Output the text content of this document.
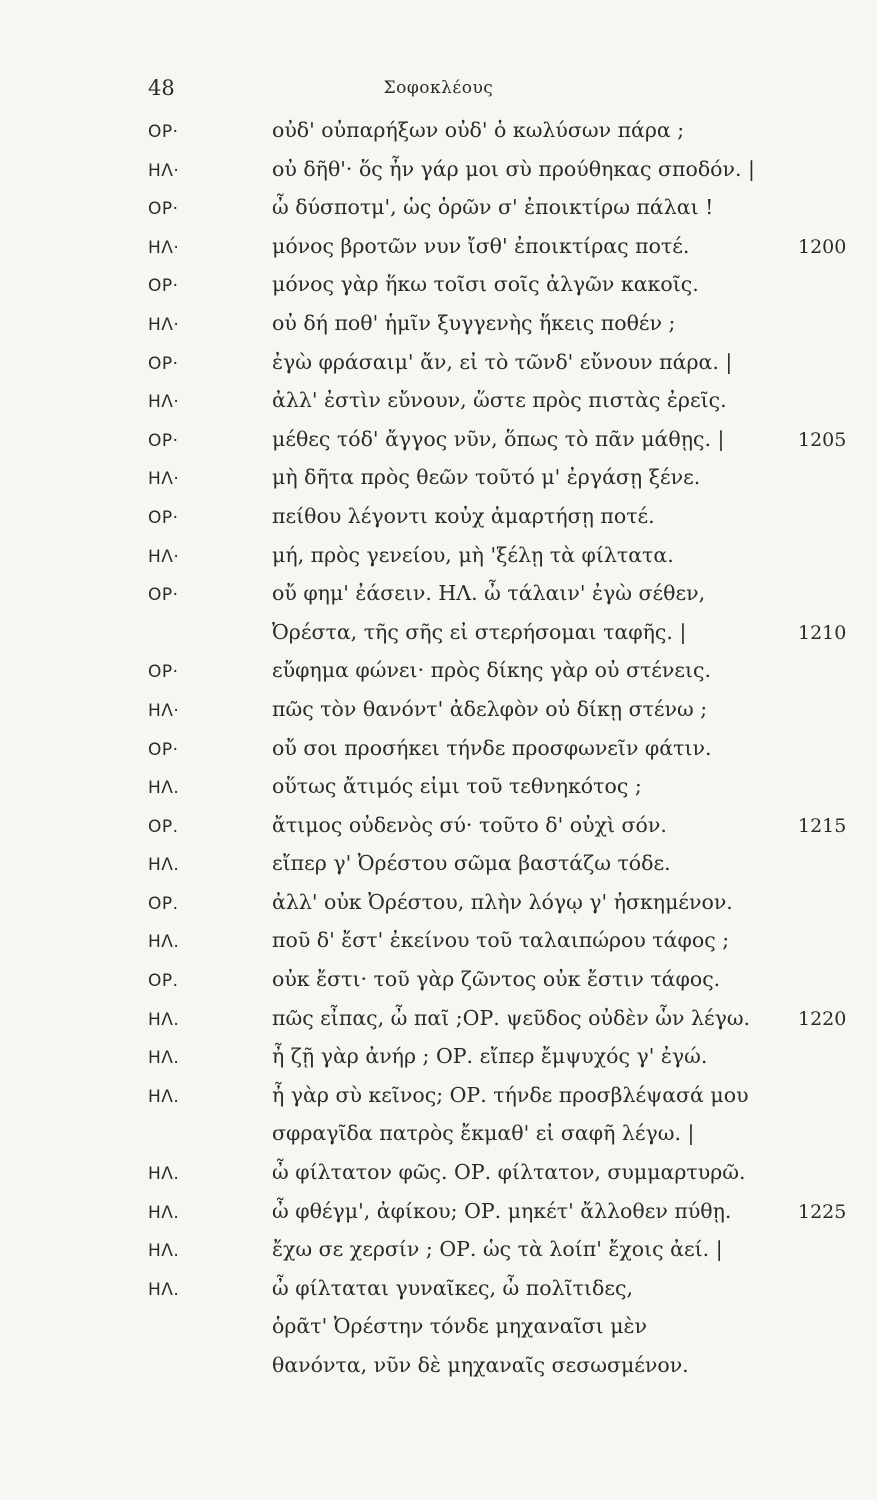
48	Σοφοκλέους
ΟΡ·	οὐδ' οὐπαρήξων οὐδ' ὁ κωλύσων πάρα ;
ΗΛ·	οὐ δῆθ'· ὅς ἦν γάρ μοι σὺ προύθηκας σποδόν. |
ΟΡ·	ὦ δύσποτμ', ὡς ὁρῶν σ' ἐποικτίρω πάλαι !
ΗΛ·	μόνος βροτῶν νυν ἴσθ' ἐποικτίρας ποτέ.	1200
ΟΡ·	μόνος γὰρ ἥκω τοῖσι σοῖς ἀλγῶν κακοῖς.
ΗΛ·	οὐ δή ποθ' ἡμῖν ξυγγενὴς ἥκεις ποθέν ;
ΟΡ·	ἐγὼ φράσαιμ' ἄν, εἰ τὸ τῶνδ' εὔνουν πάρα. |
ΗΛ·	ἀλλ' ἐστὶν εὔνουν, ὥστε πρὸς πιστὰς ἐρεῖς.
ΟΡ·	μέθες τόδ' ἄγγος νῦν, ὅπως τὸ πᾶν μάθῃς. |	1205
ΗΛ·	μὴ δῆτα πρὸς θεῶν τοῦτό μ' ἐργάσῃ ξένε.
ΟΡ·	πείθου λέγοντι κοὐχ ἁμαρτήσῃ ποτέ.
ΗΛ·	μή, πρὸς γενείου, μὴ 'ξέλῃ τὰ φίλτατα.
ΟΡ·	οὔ φημ' ἐάσειν. ΗΛ. ὦ τάλαιν' ἐγὼ σέθεν,
Ὀρέστα, τῆς σῆς εἰ στερήσομαι ταφῆς. |	1210
ΟΡ·	εὔφημα φώνει· πρὸς δίκης γὰρ οὐ στένεις.
ΗΛ·	πῶς τὸν θανόντ' ἀδελφὸν οὐ δίκῃ στένω ;
ΟΡ·	οὔ σοι προσήκει τήνδε προσφωνεῖν φάτιν.
ΗΛ.	οὕτως ἄτιμός εἰμι τοῦ τεθνηκότος ;
ΟΡ.	ἄτιμος οὐδενὸς σύ· τοῦτο δ' οὐχὶ σόν.	1215
ΗΛ.	εἴπερ γ' Ὀρέστου σῶμα βαστάζω τόδε.
ΟΡ.	ἀλλ' οὐκ Ὀρέστου, πλὴν λόγῳ γ' ἠσκημένον.
ΗΛ.	ποῦ δ' ἔστ' ἐκείνου τοῦ ταλαιπώρου τάφος ;
ΟΡ.	οὐκ ἔστι· τοῦ γὰρ ζῶντος οὐκ ἔστιν τάφος.
ΗΛ.	πῶς εἶπας, ὦ παῖ ;ΟΡ. ψεῦδος οὐδὲν ὧν λέγω.	1220
ΗΛ.	ἦ ζῇ γὰρ ἀνήρ ; ΟΡ. εἴπερ ἔμψυχός γ' ἐγώ.
ΗΛ.	ἦ γὰρ σὺ κεῖνος; ΟΡ. τήνδε προσβλέψασά μου
σφραγῖδα πατρὸς ἔκμαθ' εἰ σαφῆ λέγω. |
ΗΛ.	ὦ φίλτατον φῶς. ΟΡ. φίλτατον, συμμαρτυρῶ.
ΗΛ.	ὦ φθέγμ', ἀφίκου; ΟΡ. μηκέτ' ἄλλοθεν πύθῃ.	1225
ΗΛ.	ἔχω σε χερσίν ; ΟΡ. ὡς τὰ λοίπ' ἔχοις ἀεί. |
ΗΛ.	ὦ φίλταται γυναῖκες, ὦ πολῖτιδες,
ὁρᾶτ' Ὀρέστην τόνδε μηχαναῖσι μὲν
θανόντα, νῦν δὲ μηχαναῖς σεσωσμένον.
